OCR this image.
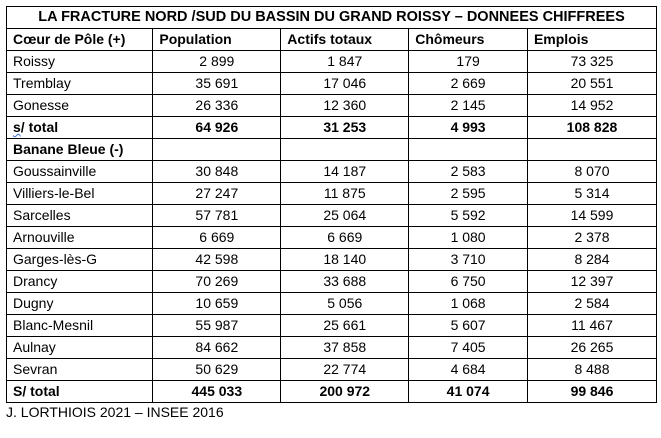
LA FRACTURE NORD /SUD DU BASSIN DU GRAND ROISSY – DONNEES CHIFFREES				
Cœur de Pôle (+)	Population	Actifs totaux	Chômeurs	Emplois
Roissy	2 899	1 847	179	73 325
Tremblay	35 691	17 046	2 669	20 551
Gonesse	26 336	12 360	2 145	14 952
s/ total	64 926	31 253	4 993	108 828
Banane Bleue (-)				
Goussainville	30 848	14 187	2 583	8 070
Villiers-le-Bel	27 247	11 875	2 595	5 314
Sarcelles	57 781	25 064	5 592	14 599
Arnouville	6 669	6 669	1 080	2 378
Garges-lès-G	42 598	18 140	3 710	8 284
Drancy	70 269	33 688	6 750	12 397
Dugny	10 659	5 056	1 068	2 584
Blanc-Mesnil	55 987	25 661	5 607	11 467
Aulnay	84 662	37 858	7 405	26 265
Sevran	50 629	22 774	4 684	8 488
S/ total	445 033	200 972	41 074	99 846
J. LORTHIOIS 2021 – INSEE 2016
